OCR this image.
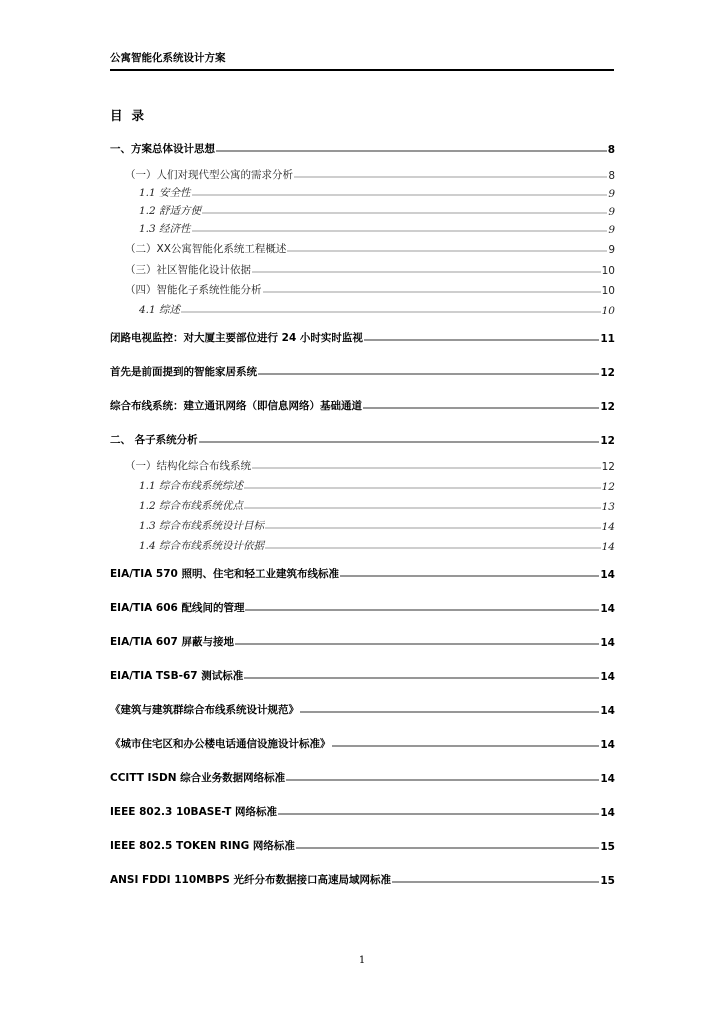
公寓智能化系统设计方案
目 录
一、方案总体设计思想	8
（一）人们对现代型公寓的需求分析	8
1.1 安全性	9
1.2 舒适方便	9
1.3 经济性	9
（二）XX公寓智能化系统工程概述	9
（三）社区智能化设计依据	10
（四）智能化子系统性能分析	10
4.1 综述	10
闭路电视监控：对大厦主要部位进行 24 小时实时监视	11
首先是前面提到的智能家居系统	12
综合布线系统：建立通讯网络（即信息网络）基础通道	12
二、 各子系统分析	12
（一）结构化综合布线系统	12
1.1 综合布线系统综述	12
1.2 综合布线系统优点	13
1.3 综合布线系统设计目标	14
1.4 综合布线系统设计依据	14
EIA/TIA 570 照明、住宅和轻工业建筑布线标准	14
EIA/TIA 606 配线间的管理	14
EIA/TIA 607 屏蔽与接地	14
EIA/TIA TSB-67 测试标准	14
《建筑与建筑群综合布线系统设计规范》	14
《城市住宅区和办公楼电话通信设施设计标准》	14
CCITT ISDN 综合业务数据网络标准	14
IEEE 802.3 10BASE-T 网络标准	14
IEEE 802.5 TOKEN RING 网络标准	15
ANSI FDDI 110MBPS 光纤分布数据接口高速局域网标准	15
1
